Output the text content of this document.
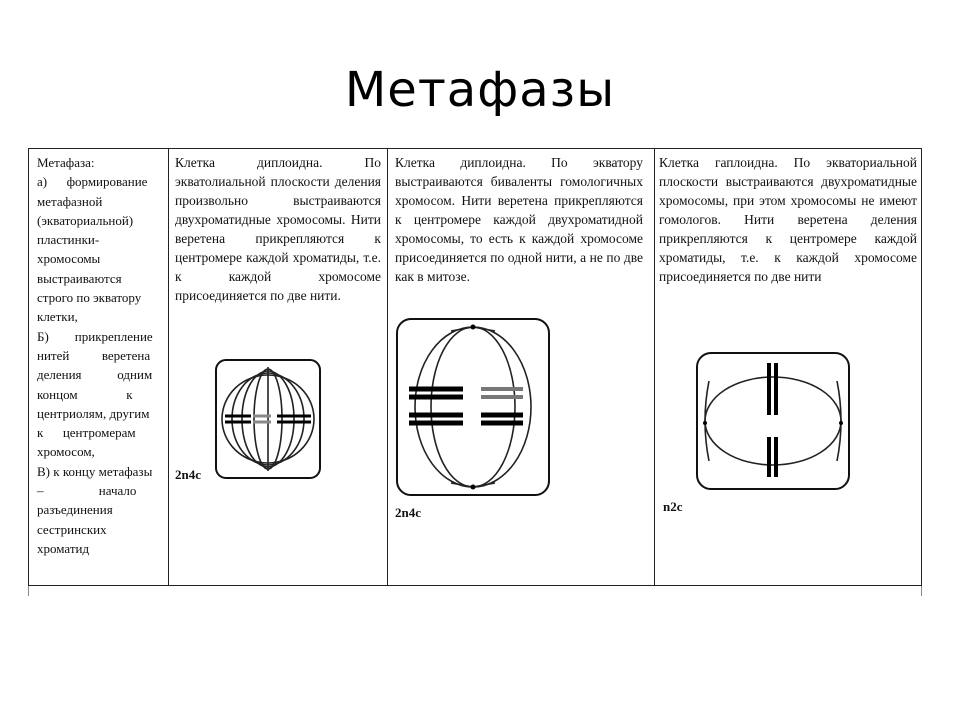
Метафазы
Метафаза:
а)      формирование
метафазной
(экваториальной)
пластинки-
хромосомы
выстраиваются
строго по экватору
клетки,
Б)        прикрепление
нитей          веретена
деления           одним
концом               к
центриолям, другим
к      центромерам
хромосом,
В) к концу метафазы
–                 начало
разъединения
сестринских
хроматид
Клетка диплоидна. По экватолиальной плоскости деления произвольно выстраиваются двухроматидные хромосомы. Нити веретена прикрепляются к центромере каждой хроматиды, т.е. к каждой хромосоме присоединяется по две нити.
2n4c
Клетка диплоидна. По экватору выстраиваются биваленты гомологичных хромосом. Нити веретена прикрепляются к центромере каждой двухроматидной хромосомы, то есть к каждой хромосоме присоединяется по одной нити, а не по две как в митозе.
2n4c
Клетка гаплоидна. По экваториальной плоскости выстраиваются двухроматидные хромосомы, при этом хромосомы не имеют гомологов. Нити веретена деления прикрепляются к центромере каждой хроматиды, т.е. к каждой хромосоме присоединяется по две нити
n2c
